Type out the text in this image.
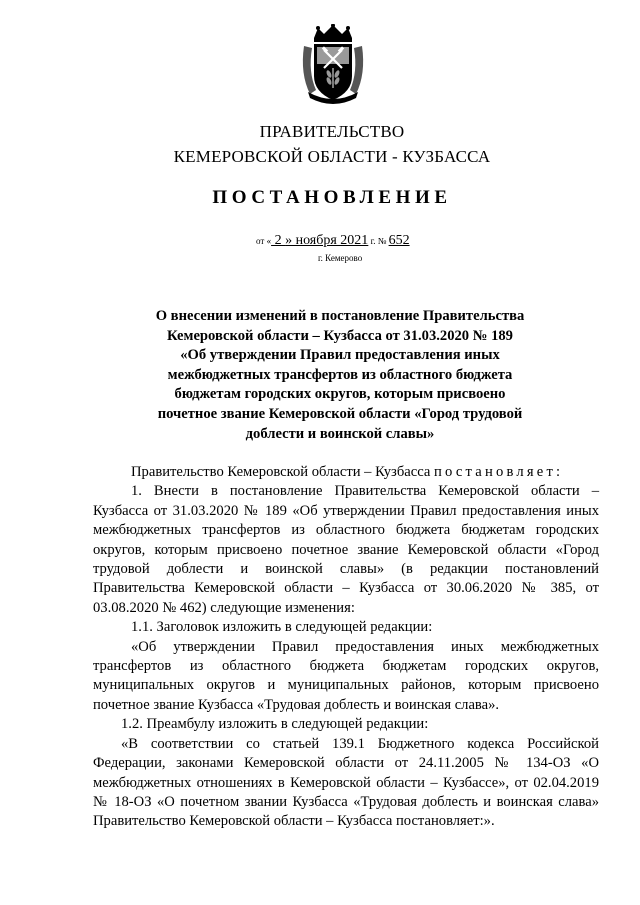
ПРАВИТЕЛЬСТВО
КЕМЕРОВСКОЙ ОБЛАСТИ - КУЗБАССА
ПОСТАНОВЛЕНИЕ
от « 2 » ноября 2021 г. № 652
г. Кемерово
О внесении изменений в постановление Правительства
Кемеровской области – Кузбасса от 31.03.2020 № 189
«Об утверждении Правил предоставления иных
межбюджетных трансфертов из областного бюджета
бюджетам городских округов, которым присвоено
почетное звание Кемеровской области «Город трудовой
доблести и воинской славы»

Правительство Кемеровской области – Кузбасса постановляет:

1. Внести в постановление Правительства Кемеровской области – Кузбасса от 31.03.2020 № 189 «Об утверждении Правил предоставления иных межбюджетных трансфертов из областного бюджета бюджетам городских округов, которым присвоено почетное звание Кемеровской области «Город трудовой доблести и воинской славы» (в редакции постановлений Правительства Кемеровской области – Кузбасса от 30.06.2020 № 385, от 03.08.2020 № 462) следующие изменения:

1.1. Заголовок изложить в следующей редакции:

«Об утверждении Правил предоставления иных межбюджетных трансфертов из областного бюджета бюджетам городских округов, муниципальных округов и муниципальных районов, которым присвоено почетное звание Кузбасса «Трудовая доблесть и воинская слава».

1.2. Преамбулу изложить в следующей редакции:

«В соответствии со статьей 139.1 Бюджетного кодекса Российской Федерации, законами Кемеровской области от 24.11.2005 № 134-ОЗ «О межбюджетных отношениях в Кемеровской области – Кузбассе», от 02.04.2019 № 18-ОЗ «О почетном звании Кузбасса «Трудовая доблесть и воинская слава» Правительство Кемеровской области – Кузбасса постановляет:».
